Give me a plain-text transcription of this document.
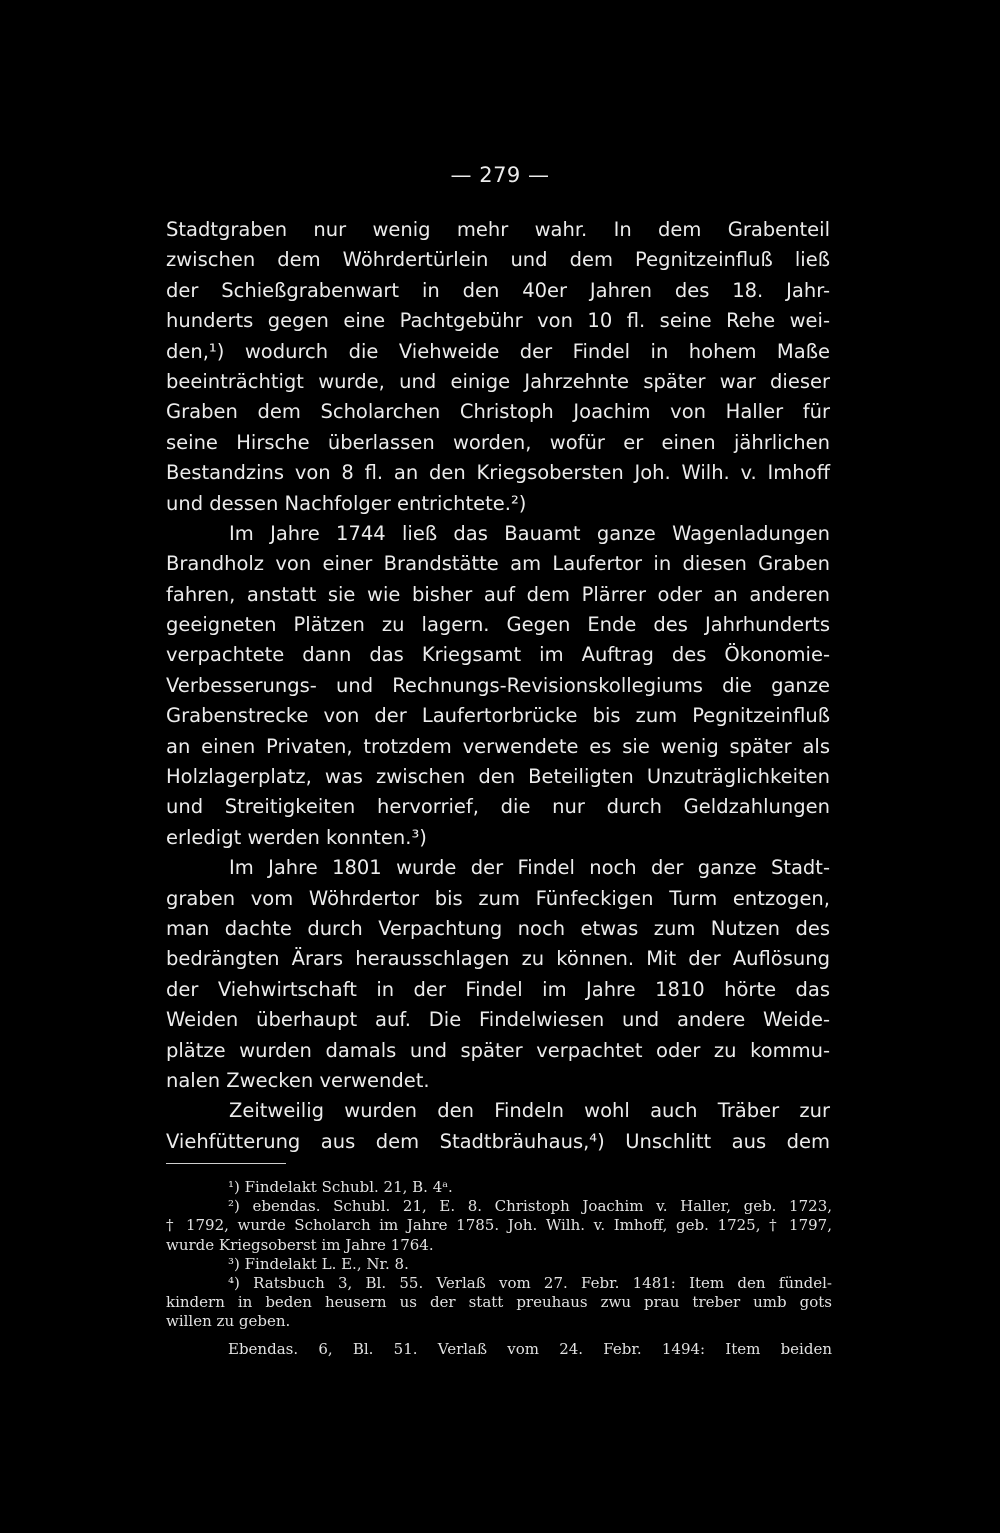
— 279 —
Stadtgraben nur wenig mehr wahr. In dem Grabenteil
zwischen dem Wöhrdertürlein und dem Pegnitzeinfluß ließ
der Schießgrabenwart in den 40er Jahren des 18. Jahr-
hunderts gegen eine Pachtgebühr von 10 fl. seine Rehe wei-
den,¹) wodurch die Viehweide der Findel in hohem Maße
beeinträchtigt wurde, und einige Jahrzehnte später war dieser
Graben dem Scholarchen Christoph Joachim von Haller für
seine Hirsche überlassen worden, wofür er einen jährlichen
Bestandzins von 8 fl. an den Kriegsobersten Joh. Wilh. v. Imhoff
und dessen Nachfolger entrichtete.²)
Im Jahre 1744 ließ das Bauamt ganze Wagenladungen
Brandholz von einer Brandstätte am Laufertor in diesen Graben
fahren, anstatt sie wie bisher auf dem Plärrer oder an anderen
geeigneten Plätzen zu lagern. Gegen Ende des Jahrhunderts
verpachtete dann das Kriegsamt im Auftrag des Ökonomie-
Verbesserungs- und Rechnungs-Revisionskollegiums die ganze
Grabenstrecke von der Laufertorbrücke bis zum Pegnitzeinfluß
an einen Privaten, trotzdem verwendete es sie wenig später als
Holzlagerplatz, was zwischen den Beteiligten Unzuträglichkeiten
und Streitigkeiten hervorrief, die nur durch Geldzahlungen
erledigt werden konnten.³)
Im Jahre 1801 wurde der Findel noch der ganze Stadt-
graben vom Wöhrdertor bis zum Fünfeckigen Turm entzogen,
man dachte durch Verpachtung noch etwas zum Nutzen des
bedrängten Ärars herausschlagen zu können. Mit der Auflösung
der Viehwirtschaft in der Findel im Jahre 1810 hörte das
Weiden überhaupt auf. Die Findelwiesen und andere Weide-
plätze wurden damals und später verpachtet oder zu kommu-
nalen Zwecken verwendet.
Zeitweilig wurden den Findeln wohl auch Träber zur
Viehfütterung aus dem Stadtbräuhaus,⁴) Unschlitt aus dem
¹) Findelakt Schubl. 21, B. 4ᵃ.
²) ebendas. Schubl. 21, E. 8. Christoph Joachim v. Haller, geb. 1723,
† 1792, wurde Scholarch im Jahre 1785. Joh. Wilh. v. Imhoff, geb. 1725, † 1797,
wurde Kriegsoberst im Jahre 1764.
³) Findelakt L. E., Nr. 8.
⁴) Ratsbuch 3, Bl. 55. Verlaß vom 27. Febr. 1481: Item den fündel-
kindern in beden heusern us der statt preuhaus zwu prau treber umb gots
willen zu geben.
Ebendas. 6, Bl. 51. Verlaß vom 24. Febr. 1494: Item beiden
